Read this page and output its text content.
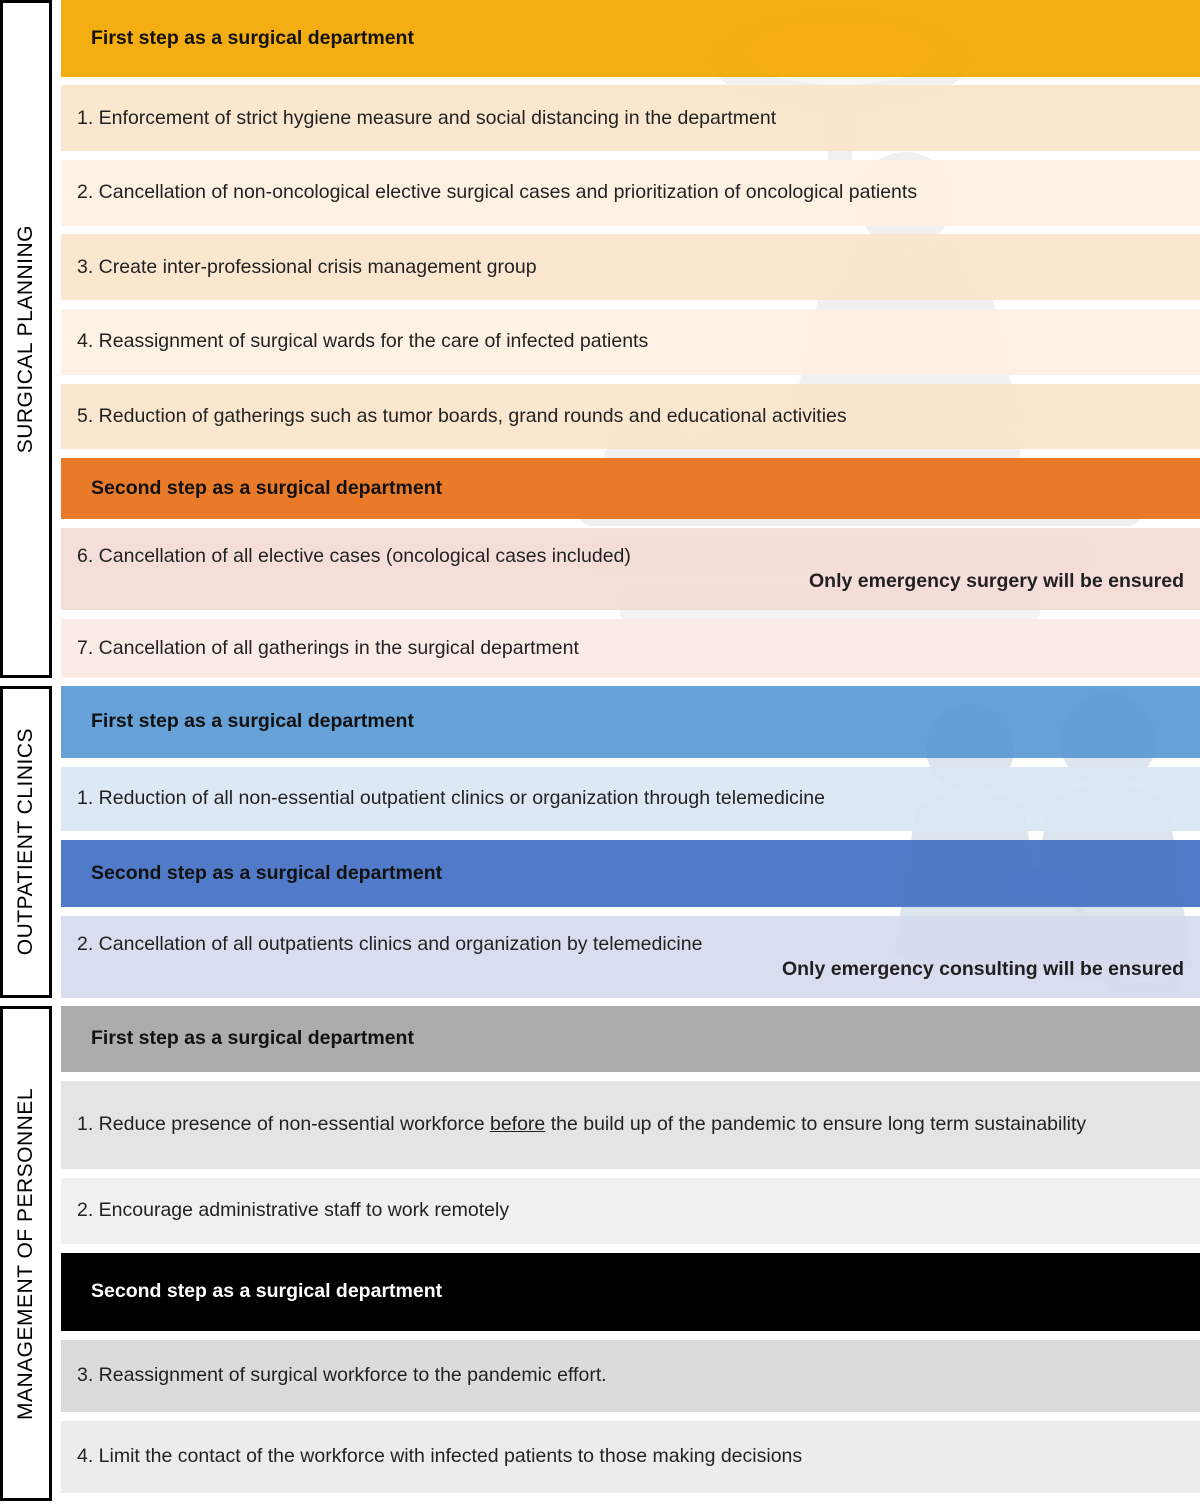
SURGICAL PLANNING
First step as a surgical department
1. Enforcement of strict hygiene measure and social distancing in the department
2. Cancellation of non-oncological elective surgical cases and prioritization of oncological patients
3. Create inter-professional crisis management group
4. Reassignment of surgical wards for the care of infected patients
5. Reduction of gatherings such as tumor boards, grand rounds and educational activities
Second step as a surgical department
6. Cancellation of all elective cases (oncological cases included)
Only emergency surgery will be ensured
7. Cancellation of all gatherings in the surgical department
OUTPATIENT CLINICS
First step as a surgical department
1. Reduction of all non-essential outpatient clinics or organization through telemedicine
Second step as a surgical department
2. Cancellation of all outpatients clinics and organization by telemedicine
Only emergency consulting will be ensured
MANAGEMENT OF PERSONNEL
First step as a surgical department
1. Reduce presence of non-essential workforce before the build up of the pandemic to ensure long term sustainability
2. Encourage administrative staff to work remotely
Second step as a surgical department
3. Reassignment of surgical workforce to the pandemic effort.
4. Limit the contact of the workforce with infected patients to those making decisions
